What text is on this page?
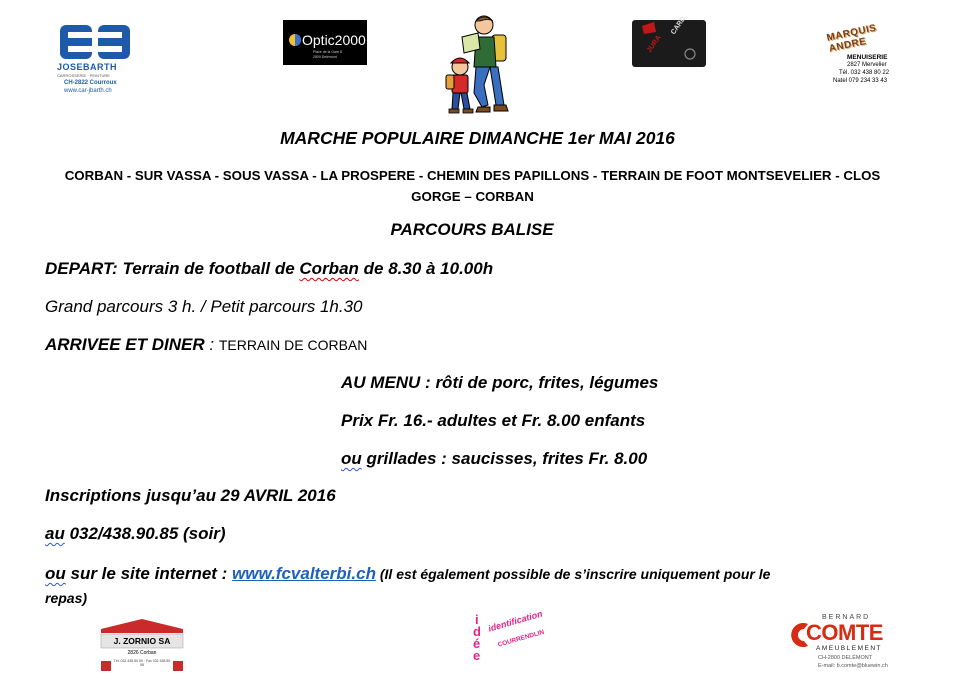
JOSEBARTH
CARROSSERIE · PEINTURE
CH-2822 Courroux
www.car-jbarth.ch
Optic2000
Place de la Gare 8
2800 Delémont
JURA
CARD	MARQUIS ANDRE
MENUISERIE
2827 Mervelier
Tél. 032 438 80 22
Natel 079 234 33 43
MARCHE POPULAIRE DIMANCHE 1er MAI 2016
CORBAN - SUR VASSA - SOUS VASSA - LA PROSPERE - CHEMIN DES PAPILLONS - TERRAIN DE FOOT MONTSEVELIER - CLOS
GORGE – CORBAN
PARCOURS BALISE
DEPART: Terrain de football de Corban de 8.30 à 10.00h
Grand parcours 3 h. / Petit parcours 1h.30
ARRIVEE ET DINER : TERRAIN DE CORBAN
AU MENU : rôti de porc, frites, légumes
Prix Fr. 16.- adultes et Fr. 8.00 enfants
ou grillades : saucisses, frites Fr. 8.00
Inscriptions jusqu’au 29 AVRIL 2016
au 032/438.90.85 (soir)
ou sur le site internet : www.fcvalterbi.ch (Il est également possible de s’inscrire uniquement pour le
repas)
J. ZORNIO SA
2826 Corban
Tél. 032 438 80 50 · Fax 032 438 89 58
i
d
é
e
identification
COURRENDLIN
BERNARD
COMTE
AMEUBLEMENT
CH-2800 DELÉMONT
E-mail: b.comte@bluewin.ch
